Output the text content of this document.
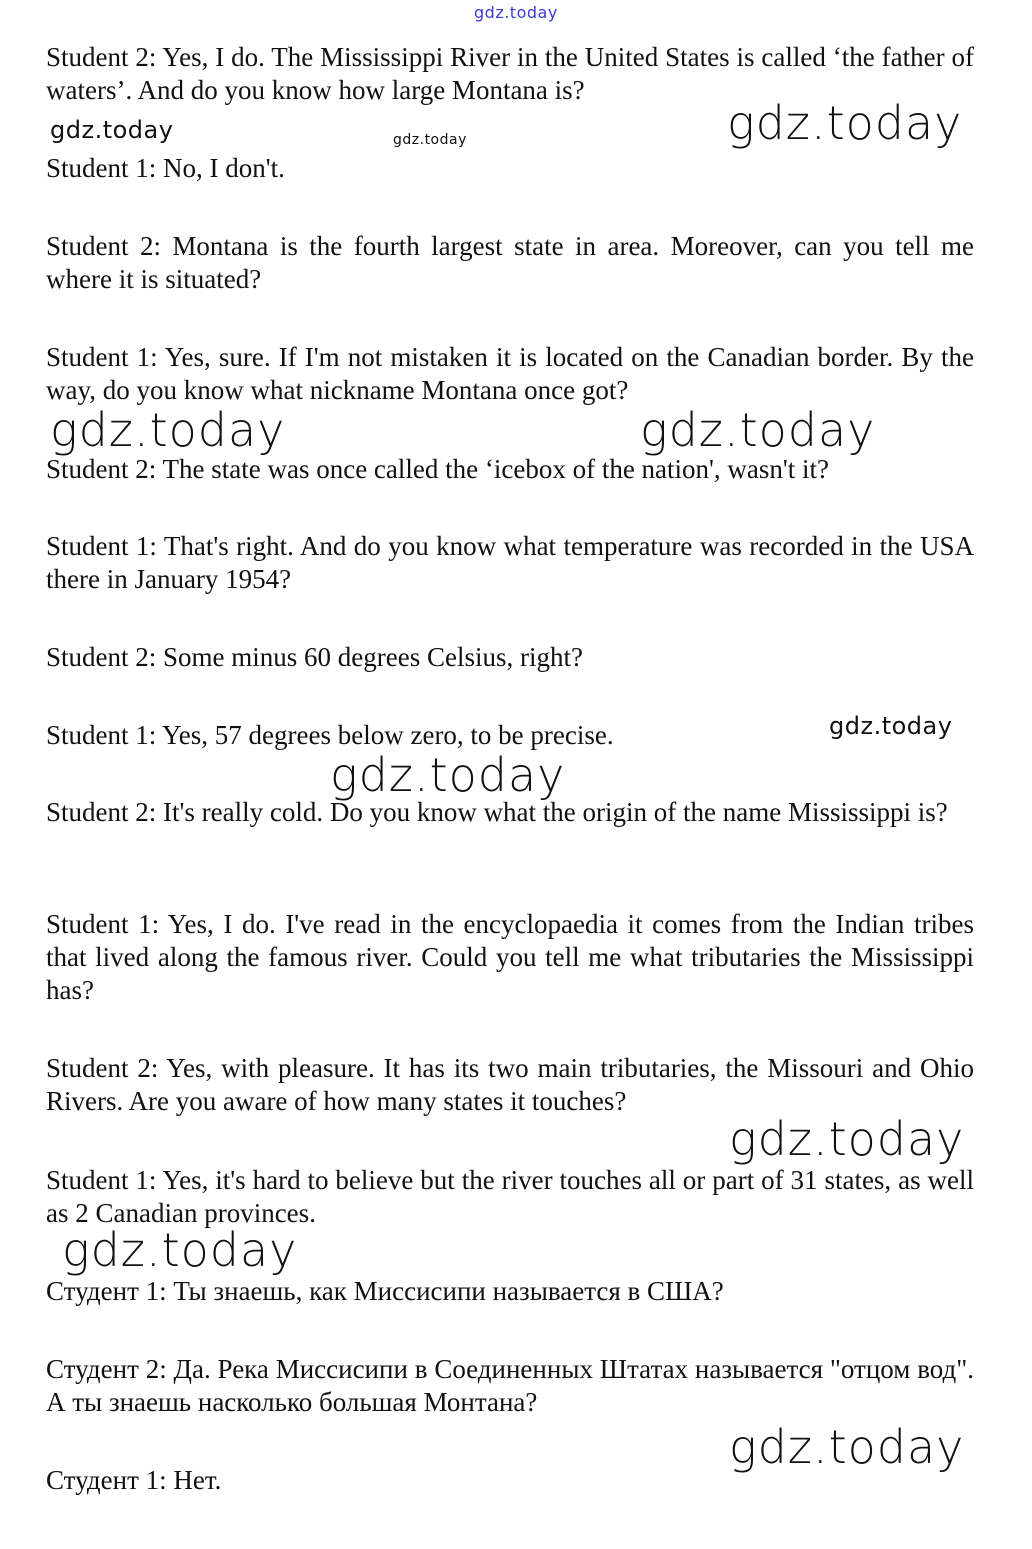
gdz.today
gdz.today	gdz.today	gdz.today
gdz.today	gdz.today
gdz.today
gdz.today
gdz.today
gdz.today
gdz.today

Student 2: Yes, I do. The Mississippi River in the United States is called ‘the father of waters’. And do you know how large Montana is?

Student 1: No, I don't.

Student 2: Montana is the fourth largest state in area. Moreover, can you tell me where it is situated?

Student 1: Yes, sure. If I'm not mistaken it is located on the Canadian border. By the way, do you know what nickname Montana once got?

Student 2: The state was once called the ‘icebox of the nation', wasn't it?

Student 1: That's right. And do you know what temperature was recorded in the USA there in January 1954?

Student 2: Some minus 60 degrees Celsius, right?

Student 1: Yes, 57 degrees below zero, to be precise.

Student 2: It's really cold. Do you know what the origin of the name Mississippi is?

Student 1: Yes, I do. I've read in the encyclopaedia it comes from the Indian tribes that lived along the famous river. Could you tell me what tributaries the Mississippi has?

Student 2: Yes, with pleasure. It has its two main tributaries, the Missouri and Ohio Rivers. Are you aware of how many states it touches?

Student 1: Yes, it's hard to believe but the river touches all or part of 31 states, as well as 2 Canadian provinces.

Студент 1: Ты знаешь, как Миссисипи называется в США?

Студент 2: Да. Река Миссисипи в Соединенных Штатах называется "отцом вод". А ты знаешь насколько большая Монтана?

Студент 1: Нет.
